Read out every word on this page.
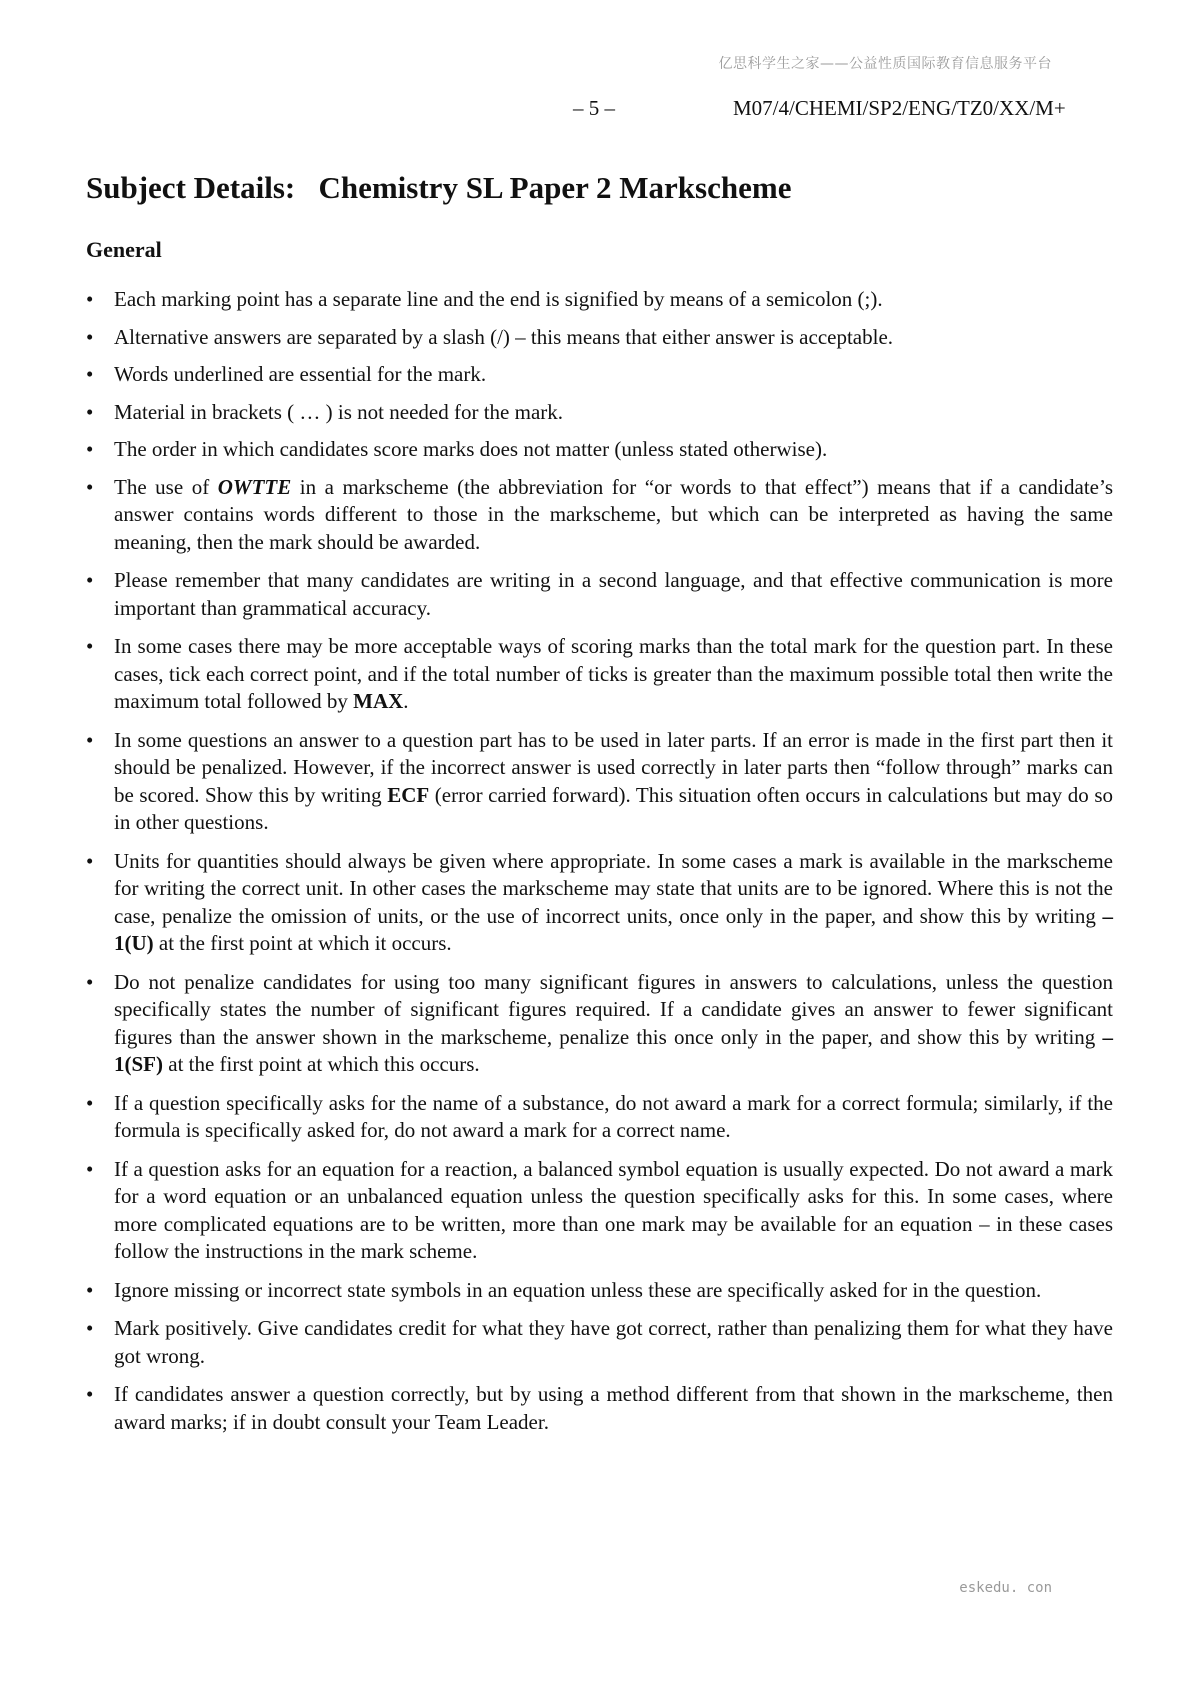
亿思科学生之家——公益性质国际教育信息服务平台
– 5 –	M07/4/CHEMI/SP2/ENG/TZ0/XX/M+
Subject Details:   Chemistry SL Paper 2 Markscheme
General
• Each marking point has a separate line and the end is signified by means of a semicolon (;).
• Alternative answers are separated by a slash (/) – this means that either answer is acceptable.
• Words underlined are essential for the mark.
• Material in brackets ( … ) is not needed for the mark.
• The order in which candidates score marks does not matter (unless stated otherwise).
• The use of OWTTE in a markscheme (the abbreviation for “or words to that effect”) means that if a candidate’s answer contains words different to those in the markscheme, but which can be interpreted as having the same meaning, then the mark should be awarded.
• Please remember that many candidates are writing in a second language, and that effective communication is more important than grammatical accuracy.
• In some cases there may be more acceptable ways of scoring marks than the total mark for the question part. In these cases, tick each correct point, and if the total number of ticks is greater than the maximum possible total then write the maximum total followed by MAX.
• In some questions an answer to a question part has to be used in later parts. If an error is made in the first part then it should be penalized. However, if the incorrect answer is used correctly in later parts then “follow through” marks can be scored. Show this by writing ECF (error carried forward). This situation often occurs in calculations but may do so in other questions.
• Units for quantities should always be given where appropriate. In some cases a mark is available in the markscheme for writing the correct unit. In other cases the markscheme may state that units are to be ignored. Where this is not the case, penalize the omission of units, or the use of incorrect units, once only in the paper, and show this by writing –1(U) at the first point at which it occurs.
• Do not penalize candidates for using too many significant figures in answers to calculations, unless the question specifically states the number of significant figures required. If a candidate gives an answer to fewer significant figures than the answer shown in the markscheme, penalize this once only in the paper, and show this by writing –1(SF) at the first point at which this occurs.
• If a question specifically asks for the name of a substance, do not award a mark for a correct formula; similarly, if the formula is specifically asked for, do not award a mark for a correct name.
• If a question asks for an equation for a reaction, a balanced symbol equation is usually expected. Do not award a mark for a word equation or an unbalanced equation unless the question specifically asks for this. In some cases, where more complicated equations are to be written, more than one mark may be available for an equation – in these cases follow the instructions in the mark scheme.
• Ignore missing or incorrect state symbols in an equation unless these are specifically asked for in the question.
• Mark positively. Give candidates credit for what they have got correct, rather than penalizing them for what they have got wrong.
• If candidates answer a question correctly, but by using a method different from that shown in the markscheme, then award marks; if in doubt consult your Team Leader.
eskedu. con
